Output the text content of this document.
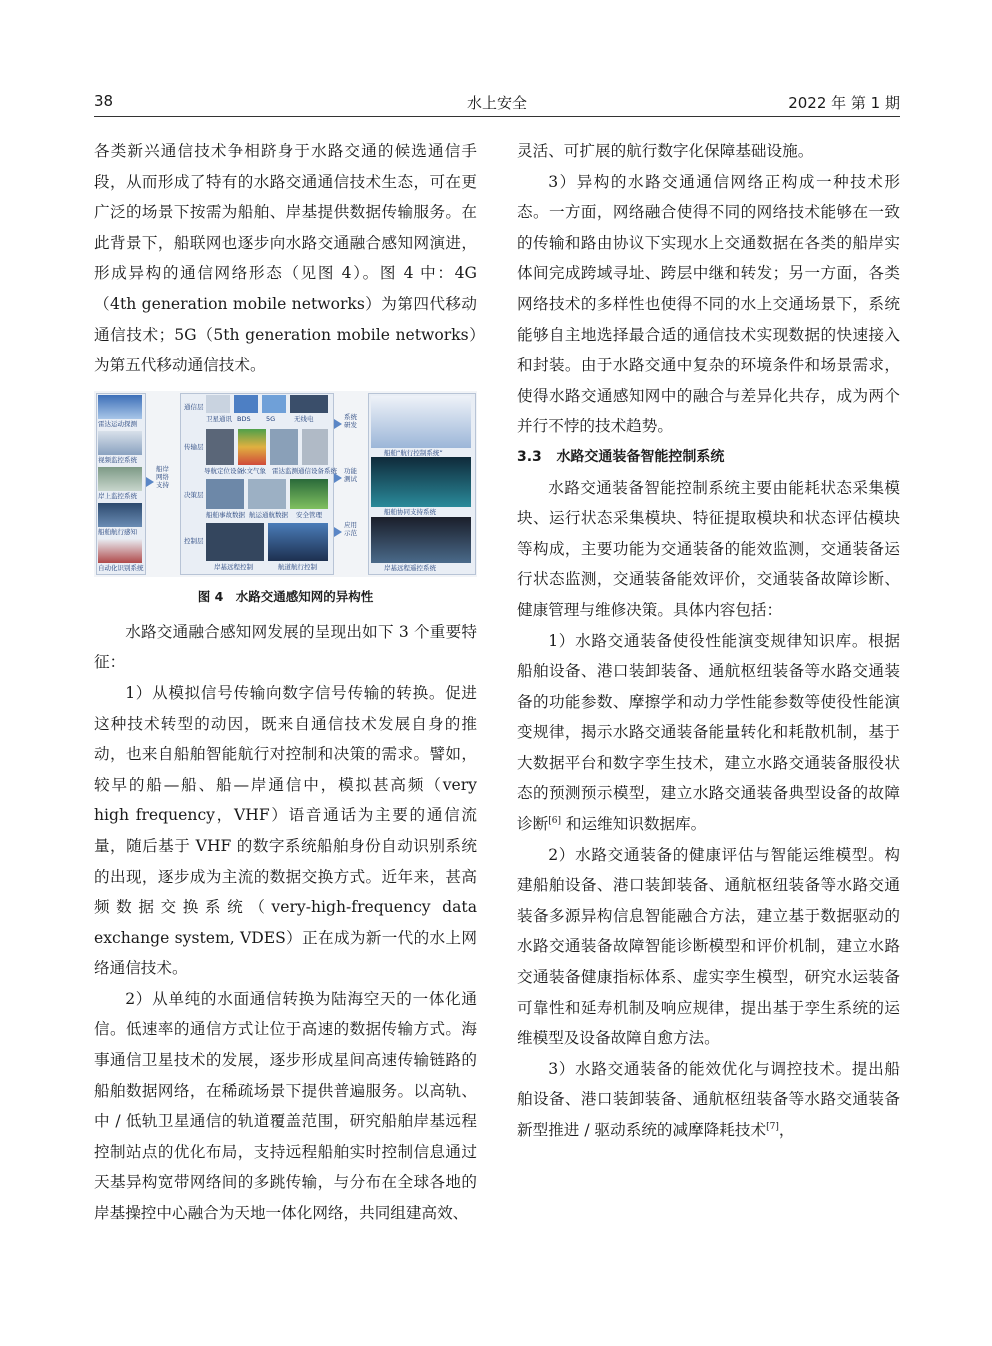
38	水上安全	2022 年 第 1 期

各类新兴通信技术争相跻身于水路交通的候选通信手段，从而形成了特有的水路交通通信技术生态，可在更广泛的场景下按需为船舶、岸基提供数据传输服务。在此背景下，船联网也逐步向水路交通融合感知网演进，形成异构的通信网络形态（见图 4）。图 4 中：4G（4th generation mobile networks）为第四代移动通信技术；5G（5th generation mobile networks）为第五代移动通信技术。

雷达运动探测
视频监控系统
岸上监控系统
船舶航行感知
自动化识别系统
船岸
网络
支持
通信层
传输层
决策层
控制层
卫星通讯 BDS 5G	无线电
导航定位设备
水文气象 雷达监测 通信设备系统
船舶事故数据 航运通航数据 安全管理
岸基远程控制	航道航行控制
系统
研发
功能
测试
应用
示范
船舶“航行控制系统”
船舶协同支持系统
岸基远程遥控系统

图 4　水路交通感知网的异构性

水路交通融合感知网发展的呈现出如下 3 个重要特征：

1）从模拟信号传输向数字信号传输的转换。促进这种技术转型的动因，既来自通信技术发展自身的推动，也来自船舶智能航行对控制和决策的需求。譬如，较早的船—船、船—岸通信中，模拟甚高频（very high frequency，VHF）语音通话为主要的通信流量，随后基于 VHF 的数字系统船舶身份自动识别系统的出现，逐步成为主流的数据交换方式。近年来，甚高频数据交换系统（very-high-frequency data exchange system, VDES）正在成为新一代的水上网络通信技术。

2）从单纯的水面通信转换为陆海空天的一体化通信。低速率的通信方式让位于高速的数据传输方式。海事通信卫星技术的发展，逐步形成星间高速传输链路的船舶数据网络，在稀疏场景下提供普遍服务。以高轨、中 / 低轨卫星通信的轨道覆盖范围，研究船舶岸基远程控制站点的优化布局，支持远程船舶实时控制信息通过天基异构宽带网络间的多跳传输，与分布在全球各地的岸基操控中心融合为天地一体化网络，共同组建高效、

灵活、可扩展的航行数字化保障基础设施。

3）异构的水路交通通信网络正构成一种技术形态。一方面，网络融合使得不同的网络技术能够在一致的传输和路由协议下实现水上交通数据在各类的船岸实体间完成跨域寻址、跨层中继和转发；另一方面，各类网络技术的多样性也使得不同的水上交通场景下，系统能够自主地选择最合适的通信技术实现数据的快速接入和封装。由于水路交通中复杂的环境条件和场景需求，使得水路交通感知网中的融合与差异化共存，成为两个并行不悖的技术趋势。

3.3 水路交通装备智能控制系统

水路交通装备智能控制系统主要由能耗状态采集模块、运行状态采集模块、特征提取模块和状态评估模块等构成，主要功能为交通装备的能效监测，交通装备运行状态监测，交通装备能效评价，交通装备故障诊断、健康管理与维修决策。具体内容包括：

1）水路交通装备使役性能演变规律知识库。根据船舶设备、港口装卸装备、通航枢纽装备等水路交通装备的功能参数、摩擦学和动力学性能参数等使役性能演变规律，揭示水路交通装备能量转化和耗散机制，基于大数据平台和数字孪生技术，建立水路交通装备服役状态的预测预示模型，建立水路交通装备典型设备的故障诊断[6] 和运维知识数据库。

2）水路交通装备的健康评估与智能运维模型。构建船舶设备、港口装卸装备、通航枢纽装备等水路交通装备多源异构信息智能融合方法，建立基于数据驱动的水路交通装备故障智能诊断模型和评价机制，建立水路交通装备健康指标体系、虚实孪生模型，研究水运装备可靠性和延寿机制及响应规律，提出基于孪生系统的运维模型及设备故障自愈方法。

3）水路交通装备的能效优化与调控技术。提出船舶设备、港口装卸装备、通航枢纽装备等水路交通装备新型推进 / 驱动系统的减摩降耗技术[7]，
